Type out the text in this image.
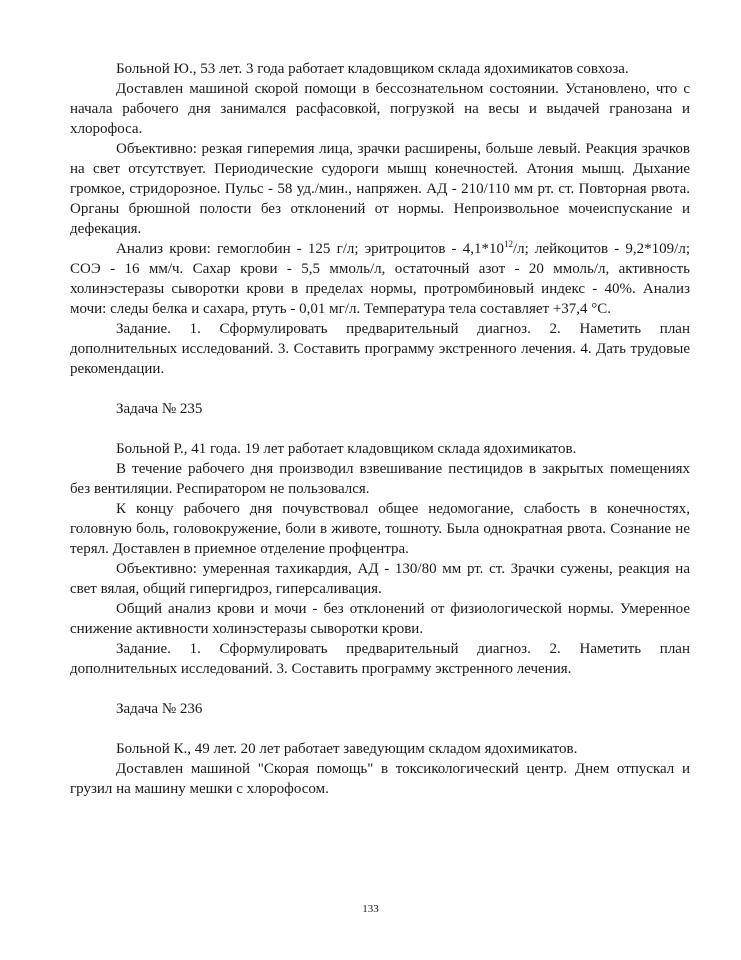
Больной Ю., 53 лет. 3 года работает кладовщиком склада ядохимикатов совхоза.

Доставлен машиной скорой помощи в бессознательном состоянии. Установлено, что с начала рабочего дня занимался расфасовкой, погрузкой на весы и выдачей гранозана и хлорофоса.

Объективно: резкая гиперемия лица, зрачки расширены, больше левый. Реакция зрачков на свет отсутствует. Периодические судороги мышц конечностей. Атония мышц. Дыхание громкое, стридорозное. Пульс - 58 уд./мин., напряжен. АД - 210/110 мм рт. ст. Повторная рвота. Органы брюшной полости без отклонений от нормы. Непроизвольное мочеиспускание и дефекация.

Анализ крови: гемоглобин - 125 г/л; эритроцитов - $4,1*10^{12}/л$; лейкоцитов - 9,2*109/л; СОЭ - 16 мм/ч. Сахар крови - 5,5 ммоль/л, остаточный азот - 20 ммоль/л, активность холинэстеразы сыворотки крови в пределах нормы, протромбиновый индекс - 40%. Анализ мочи: следы белка и сахара, ртуть - 0,01 мг/л. Температура тела составляет +37,4 °С.

Задание. 1. Сформулировать предварительный диагноз. 2. Наметить план дополнительных исследований. 3. Составить программу экстренного лечения. 4. Дать трудовые рекомендации.

Задача № 235

Больной Р., 41 года. 19 лет работает кладовщиком склада ядохимикатов.

В течение рабочего дня производил взвешивание пестицидов в закрытых помещениях без вентиляции. Респиратором не пользовался.

К концу рабочего дня почувствовал общее недомогание, слабость в конечностях, головную боль, головокружение, боли в животе, тошноту. Была однократная рвота. Сознание не терял. Доставлен в приемное отделение профцентра.

Объективно: умеренная тахикардия, АД - 130/80 мм рт. ст. Зрачки сужены, реакция на свет вялая, общий гипергидроз, гиперсаливация.

Общий анализ крови и мочи - без отклонений от физиологической нормы. Умеренное снижение активности холинэстеразы сыворотки крови.

Задание. 1. Сформулировать предварительный диагноз. 2. Наметить план дополнительных исследований. 3. Составить программу экстренного лечения.

Задача № 236

Больной К., 49 лет. 20 лет работает заведующим складом ядохимикатов.

Доставлен машиной "Скорая помощь" в токсикологический центр. Днем отпускал и грузил на машину мешки с хлорофосом.

133
